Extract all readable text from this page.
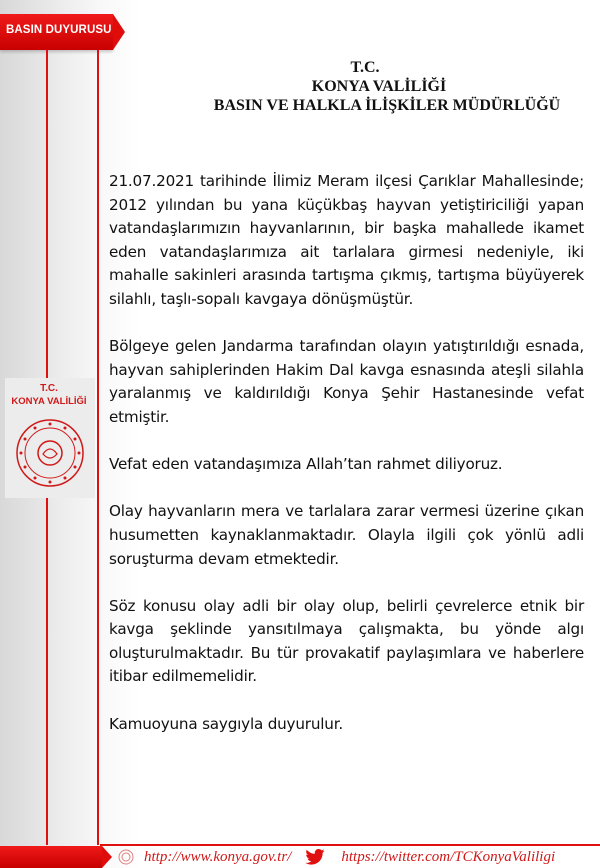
BASIN DUYURUSU
T.C.
KONYA VALİLİĞİ
T.C.
KONYA VALİLİĞİ
BASIN VE HALKLA İLİŞKİLER MÜDÜRLÜĞÜ

21.07.2021 tarihinde İlimiz Meram ilçesi Çarıklar Mahallesinde; 2012 yılından bu yana küçükbaş hayvan yetiştiriciliği yapan vatandaşlarımızın hayvanlarının, bir başka mahallede ikamet eden vatandaşlarımıza ait tarlalara girmesi nedeniyle, iki mahalle sakinleri arasında tartışma çıkmış, tartışma büyüyerek silahlı, taşlı-sopalı kavgaya dönüşmüştür.

Bölgeye gelen Jandarma tarafından olayın yatıştırıldığı esnada, hayvan sahiplerinden Hakim Dal kavga esnasında ateşli silahla yaralanmış ve kaldırıldığı Konya Şehir Hastanesinde vefat etmiştir.

Vefat eden vatandaşımıza Allah’tan rahmet diliyoruz.

Olay hayvanların mera ve tarlalara zarar vermesi üzerine çıkan husumetten kaynaklanmaktadır. Olayla ilgili çok yönlü adli soruşturma devam etmektedir.

Söz konusu olay adli bir olay olup, belirli çevrelerce etnik bir kavga şeklinde yansıtılmaya çalışmakta, bu yönde algı oluşturulmaktadır. Bu tür provakatif paylaşımlara ve haberlere itibar edilmemelidir.

Kamuoyuna saygıyla duyurulur.

http://www.konya.gov.tr/	https://twitter.com/TCKonyaValiligi
